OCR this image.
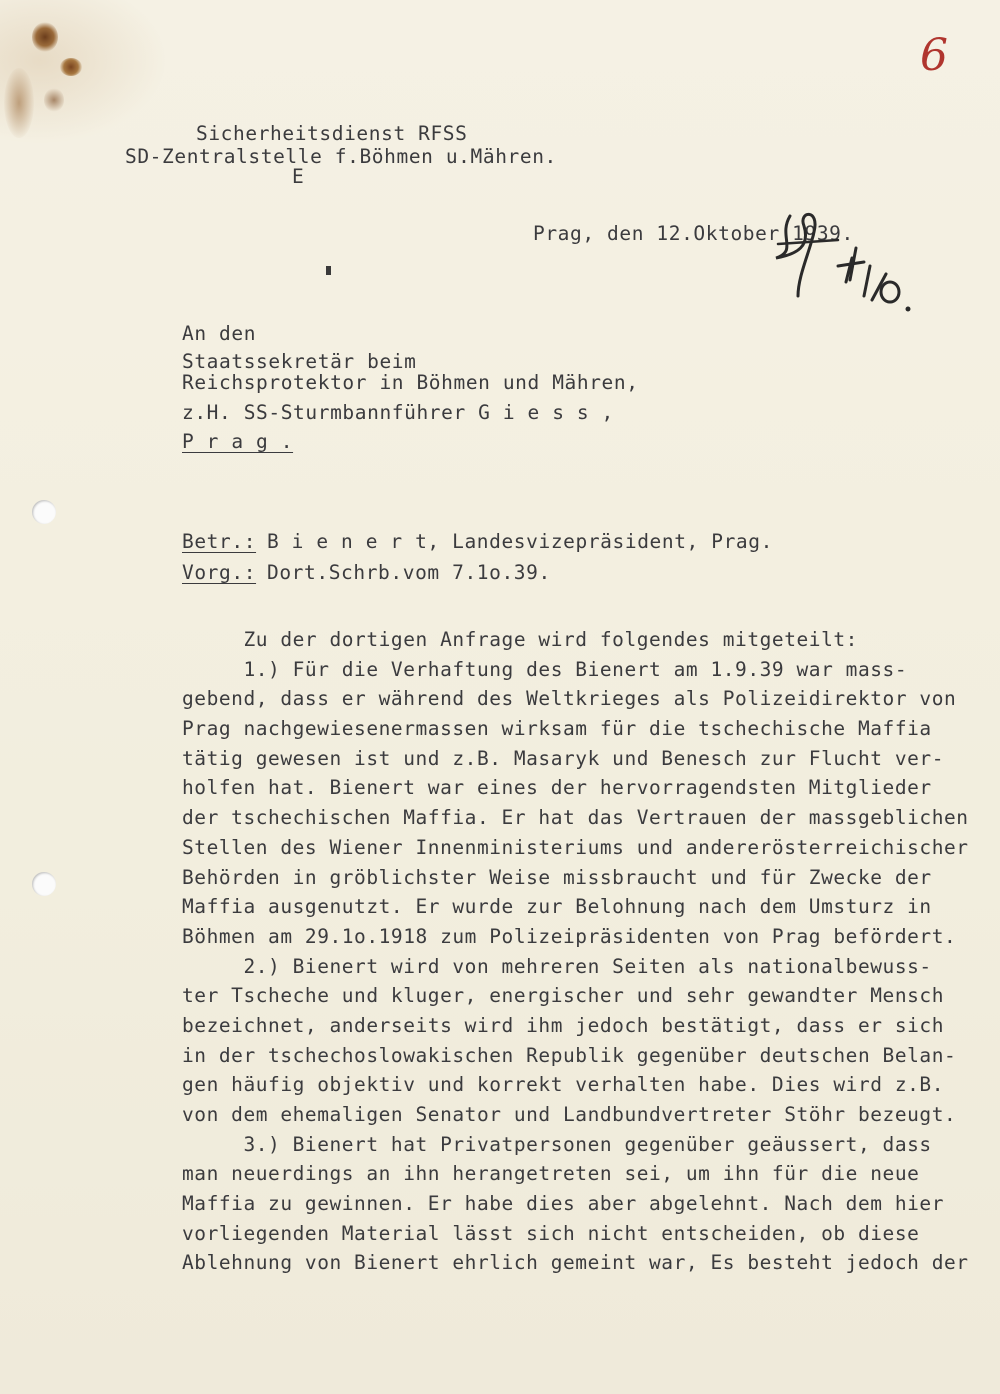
6

Sicherheitsdienst RFSS

SD-Zentralstelle f.Böhmen u.Mähren.

E

Prag, den 12.Oktober 1939.

An den

Staatssekretär beim

Reichsprotektor in Böhmen und Mähren,

z.H. SS-Sturmbannführer G i e s s ,

P r a g .

Betr.: B i e n e r t, Landesvizepräsident, Prag.

Vorg.: Dort.Schrb.vom 7.1o.39.

Zu der dortigen Anfrage wird folgendes mitgeteilt:
1.) Für die Verhaftung des Bienert am 1.9.39 war mass-
gebend, dass er während des Weltkrieges als Polizeidirektor von
Prag nachgewiesenermassen wirksam für die tschechische Maffia
tätig gewesen ist und z.B. Masaryk und Benesch zur Flucht ver-
holfen hat. Bienert war eines der hervorragendsten Mitglieder
der tschechischen Maffia. Er hat das Vertrauen der massgeblichen
Stellen des Wiener Innenministeriums und andererösterreichischer
Behörden in gröblichster Weise missbraucht und für Zwecke der
Maffia ausgenutzt. Er wurde zur Belohnung nach dem Umsturz in
Böhmen am 29.1o.1918 zum Polizeipräsidenten von Prag befördert.
2.) Bienert wird von mehreren Seiten als nationalbewuss-
ter Tscheche und kluger, energischer und sehr gewandter Mensch
bezeichnet, anderseits wird ihm jedoch bestätigt, dass er sich
in der tschechoslowakischen Republik gegenüber deutschen Belan-
gen häufig objektiv und korrekt verhalten habe. Dies wird z.B.
von dem ehemaligen Senator und Landbundvertreter Stöhr bezeugt.
3.) Bienert hat Privatpersonen gegenüber geäussert, dass
man neuerdings an ihn herangetreten sei, um ihn für die neue
Maffia zu gewinnen. Er habe dies aber abgelehnt. Nach dem hier
vorliegenden Material lässt sich nicht entscheiden, ob diese
Ablehnung von Bienert ehrlich gemeint war, Es besteht jedoch der
